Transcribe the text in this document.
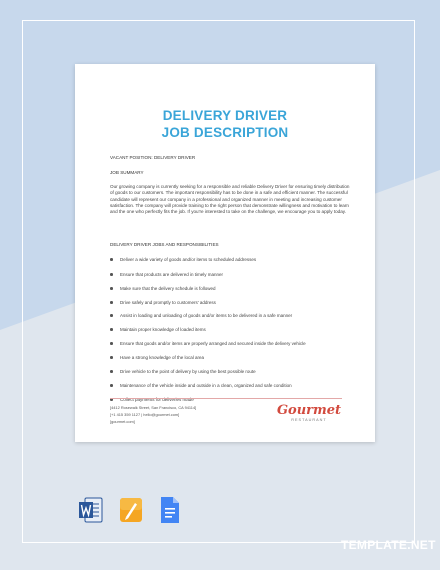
DELIVERY DRIVER
JOB DESCRIPTION
VACANT POSITION: DELIVERY DRIVER
JOB SUMMARY

Our growing company is currently seeking for a responsible and reliable Delivery Driver for ensuring timely distribution of goods to our customers. The important responsibility has to be done in a safe and efficient manner. The successful candidate will represent our company in a professional and organized manner in meeting and increasing customer satisfaction. The company will provide training to the right person that demonstrate willingness and motivation to learn and the one who perfectly fits the job. If you're interested to take on the challenge, we encourage you to apply today.

DELIVERY DRIVER JOBS AND RESPONSIBILITIES
Deliver a wide variety of goods and/or items to scheduled addresses
Ensure that products are delivered in timely manner
Make sure that the delivery schedule is followed
Drive safely and promptly to customers' address
Assist in loading and unloading of goods and/or items to be delivered in a safe manner
Maintain proper knowledge of loaded items
Ensure that goods and/or items are properly arranged and secured inside the delivery vehicle
Have a strong knowledge of the local area
Drive vehicle to the point of delivery by using the best possible route
Maintenance of the vehicle inside and outside in a clean, organized and safe condition
Collect payments for deliveries made
[4412 Rosewalk Street, San Francisco, CA 94114]
[+1 415 359 1127 | hello@gourmet.com]
[gourmet.com]
Gourmet
RESTAURANT
TEMPLATE.NET
